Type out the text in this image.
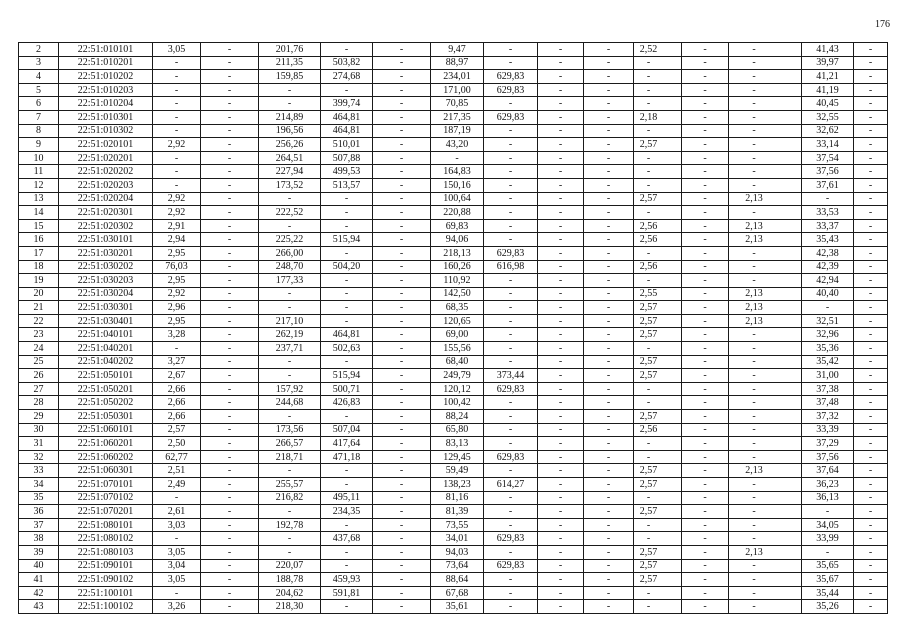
176
2	22:51:010101	3,05	-	201,76	-	-	9,47	-	-	-	2,52	-	-	41,43	-
3	22:51:010201	-	-	211,35	503,82	-	88,97	-	-	-	-	-	-	39,97	-
4	22:51:010202	-	-	159,85	274,68	-	234,01	629,83	-	-	-	-	-	41,21	-
5	22:51:010203	-	-	-	-	-	171,00	629,83	-	-	-	-	-	41,19	-
6	22:51:010204	-	-	-	399,74	-	70,85	-	-	-	-	-	-	40,45	-
7	22:51:010301	-	-	214,89	464,81	-	217,35	629,83	-	-	2,18	-	-	32,55	-
8	22:51:010302	-	-	196,56	464,81	-	187,19	-	-	-	-	-	-	32,62	-
9	22:51:020101	2,92	-	256,26	510,01	-	43,20	-	-	-	2,57	-	-	33,14	-
10	22:51:020201	-	-	264,51	507,88	-	-	-	-	-	-	-	-	37,54	-
11	22:51:020202	-	-	227,94	499,53	-	164,83	-	-	-	-	-	-	37,56	-
12	22:51:020203	-	-	173,52	513,57	-	150,16	-	-	-	-	-	-	37,61	-
13	22:51:020204	2,92	-	-	-	-	100,64	-	-	-	2,57	-	2,13	-	-
14	22:51:020301	2,92	-	222,52	-	-	220,88	-	-	-	-	-	-	33,53	-
15	22:51:020302	2,91	-	-	-	-	69,83	-	-	-	2,56	-	2,13	33,37	-
16	22:51:030101	2,94	-	225,22	515,94	-	94,06	-	-	-	2,56	-	2,13	35,43	-
17	22:51:030201	2,95	-	266,00	-	-	218,13	629,83	-	-	-	-	-	42,38	-
18	22:51:030202	76,03	-	248,70	504,20	-	160,26	616,98	-	-	2,56	-	-	42,39	-
19	22:51:030203	2,95	-	177,33	-	-	110,92	-	-	-	-	-	-	42,94	-
20	22:51:030204	2,92	-	-	-	-	142,50	-	-	-	2,55	-	2,13	40,40	-
21	22:51:030301	2,96	-	-	-	-	68,35	-	-	-	2,57	-	2,13	-	-
22	22:51:030401	2,95	-	217,10	-	-	120,65	-	-	-	2,57	-	2,13	32,51	-
23	22:51:040101	3,28	-	262,19	464,81	-	69,00	-	-	-	2,57	-	-	32,96	-
24	22:51:040201	-	-	237,71	502,63	-	155,56	-	-	-	-	-	-	35,36	-
25	22:51:040202	3,27	-	-	-	-	68,40	-	-	-	2,57	-	-	35,42	-
26	22:51:050101	2,67	-	-	515,94	-	249,79	373,44	-	-	2,57	-	-	31,00	-
27	22:51:050201	2,66	-	157,92	500,71	-	120,12	629,83	-	-	-	-	-	37,38	-
28	22:51:050202	2,66	-	244,68	426,83	-	100,42	-	-	-	-	-	-	37,48	-
29	22:51:050301	2,66	-	-	-	-	88,24	-	-	-	2,57	-	-	37,32	-
30	22:51:060101	2,57	-	173,56	507,04	-	65,80	-	-	-	2,56	-	-	33,39	-
31	22:51:060201	2,50	-	266,57	417,64	-	83,13	-	-	-	-	-	-	37,29	-
32	22:51:060202	62,77	-	218,71	471,18	-	129,45	629,83	-	-	-	-	-	37,56	-
33	22:51:060301	2,51	-	-	-	-	59,49	-	-	-	2,57	-	2,13	37,64	-
34	22:51:070101	2,49	-	255,57	-	-	138,23	614,27	-	-	2,57	-	-	36,23	-
35	22:51:070102	-	-	216,82	495,11	-	81,16	-	-	-	-	-	-	36,13	-
36	22:51:070201	2,61	-	-	234,35	-	81,39	-	-	-	2,57	-	-	-	-
37	22:51:080101	3,03	-	192,78	-	-	73,55	-	-	-	-	-	-	34,05	-
38	22:51:080102	-	-	-	437,68	-	34,01	629,83	-	-	-	-	-	33,99	-
39	22:51:080103	3,05	-	-	-	-	94,03	-	-	-	2,57	-	2,13	-	-
40	22:51:090101	3,04	-	220,07	-	-	73,64	629,83	-	-	2,57	-	-	35,65	-
41	22:51:090102	3,05	-	188,78	459,93	-	88,64	-	-	-	2,57	-	-	35,67	-
42	22:51:100101	-	-	204,62	591,81	-	67,68	-	-	-	-	-	-	35,44	-
43	22:51:100102	3,26	-	218,30	-	-	35,61	-	-	-	-	-	-	35,26	-
